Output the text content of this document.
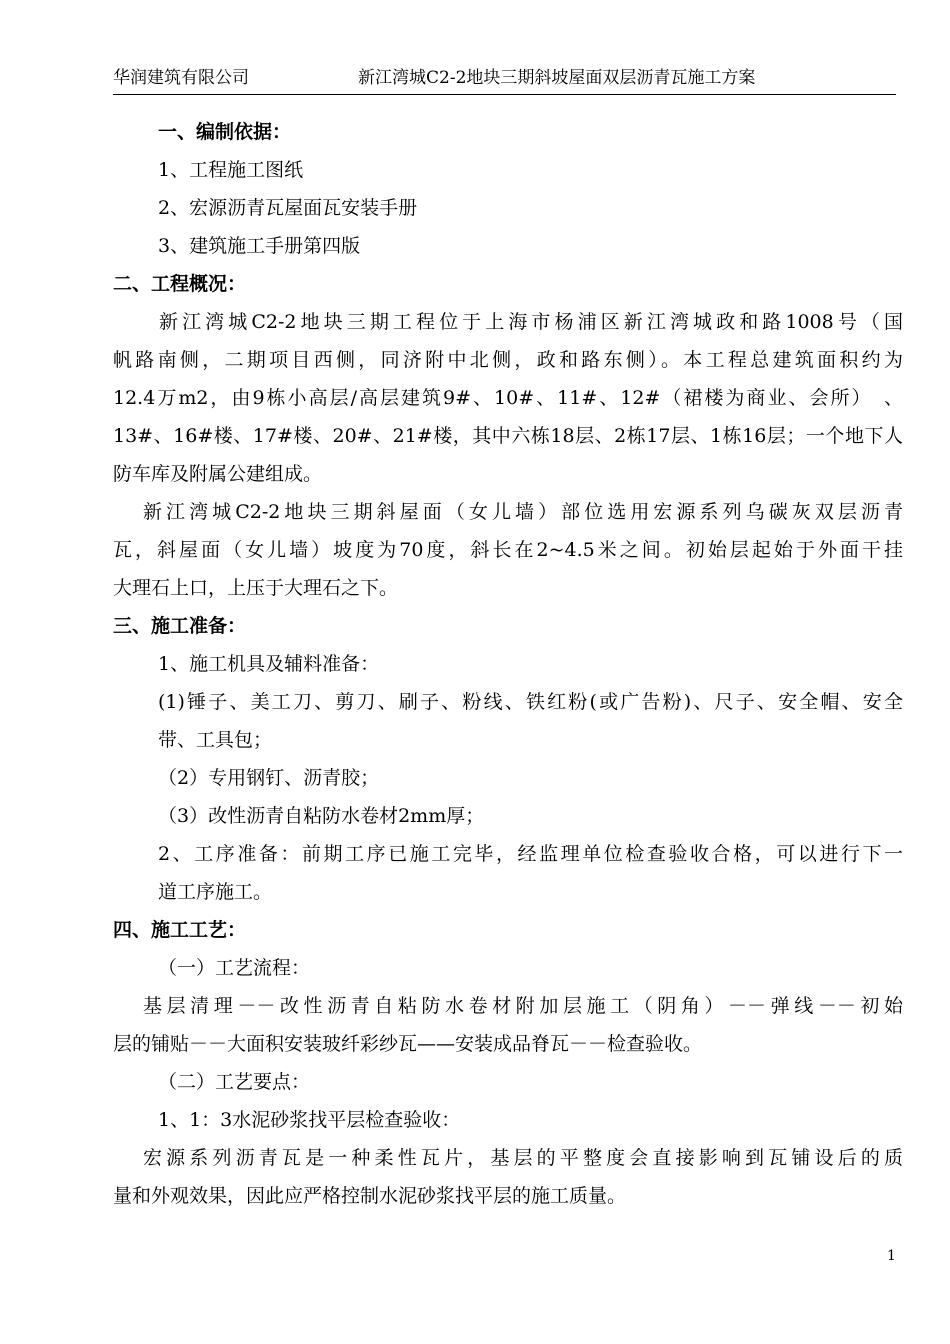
华润建筑有限公司	新江湾城C2-2地块三期斜坡屋面双层沥青瓦施工方案
一、编制依据：
1、工程施工图纸
2、宏源沥青瓦屋面瓦安装手册
3、建筑施工手册第四版
二、工程概况：
新江湾城C2-2地块三期工程位于上海市杨浦区新江湾城政和路1008号（国
帆路南侧，二期项目西侧，同济附中北侧，政和路东侧）。本工程总建筑面积约为
12.4万m2，由9栋小高层/高层建筑9#、10#、11#、12#（裙楼为商业、会所）　、
13#、16#楼、17#楼、20#、21#楼，其中六栋18层、2栋17层、1栋16层；一个地下人
防车库及附属公建组成。
新江湾城C2-2地块三期斜屋面（女儿墙）部位选用宏源系列乌碳灰双层沥青
瓦，斜屋面（女儿墙）坡度为70度，斜长在2~4.5米之间。初始层起始于外面干挂
大理石上口，上压于大理石之下。
三、施工准备：
1、施工机具及辅料准备：
(1)锤子、美工刀、剪刀、刷子、粉线、铁红粉(或广告粉)、尺子、安全帽、安全
带、工具包；
（2）专用钢钉、沥青胶；
（3）改性沥青自粘防水卷材2mm厚；
2、工序准备：前期工序已施工完毕，经监理单位检查验收合格，可以进行下一
道工序施工。
四、施工工艺：
（一）工艺流程：
基层清理－－改性沥青自粘防水卷材附加层施工（阴角）－－弹线－－初始
层的铺贴－－大面积安装玻纤彩纱瓦——安装成品脊瓦－－检查验收。
（二）工艺要点：
1、1：3水泥砂浆找平层检查验收：
宏源系列沥青瓦是一种柔性瓦片，基层的平整度会直接影响到瓦铺设后的质
量和外观效果，因此应严格控制水泥砂浆找平层的施工质量。
1
